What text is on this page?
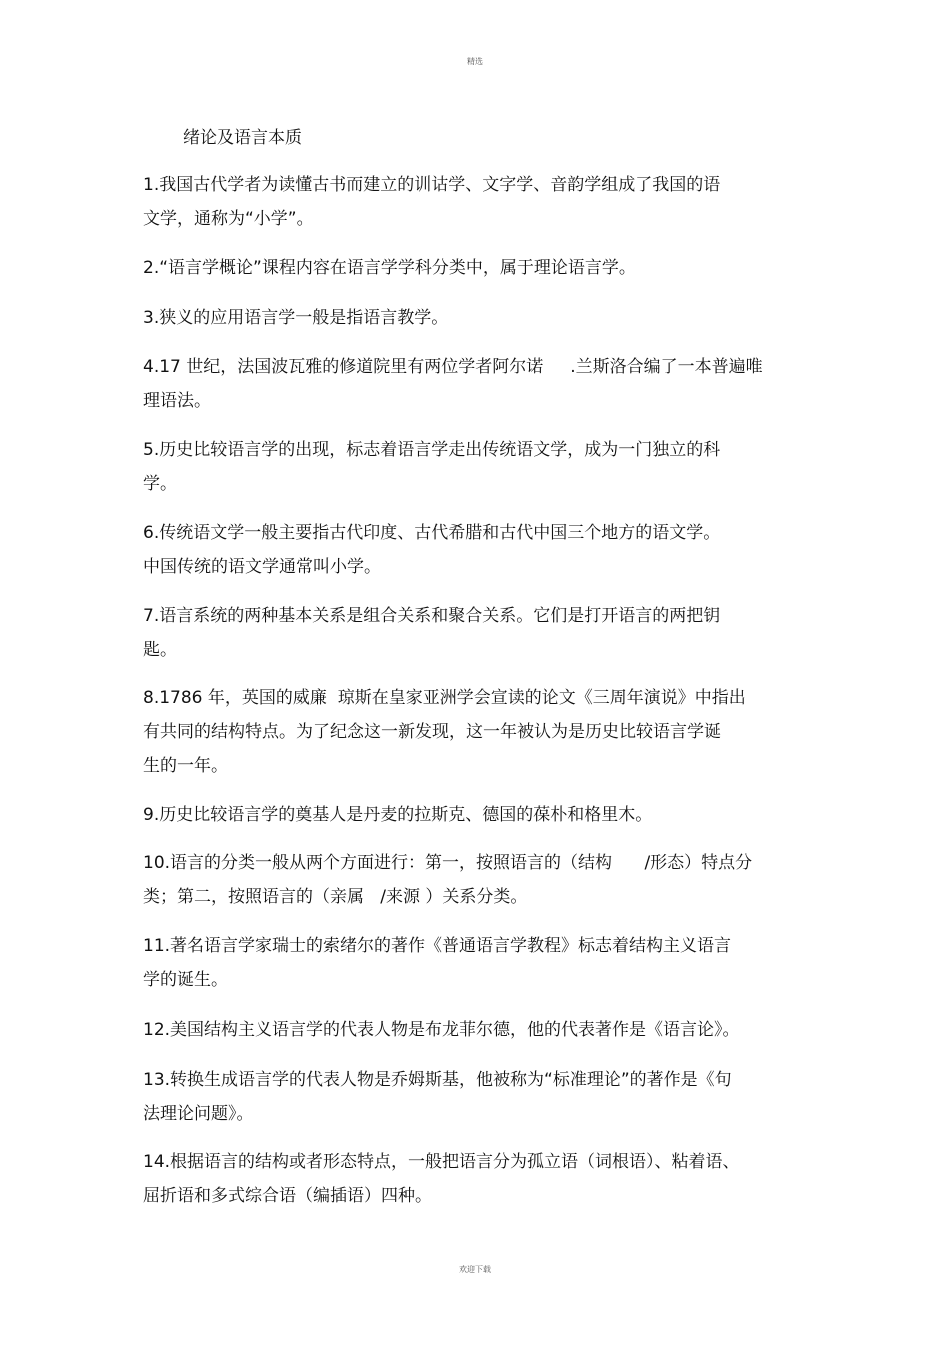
精选
绪论及语言本质
1.我国古代学者为读懂古书而建立的训诂学、文字学、音韵学组成了我国的语
文学，通称为“小学”。
2.“语言学概论”课程内容在语言学学科分类中，属于理论语言学。
3.狭义的应用语言学一般是指语言教学。
4.17 世纪，法国波瓦雅的修道院里有两位学者阿尔诺     .兰斯洛合编了一本普遍唯
理语法。
5.历史比较语言学的出现，标志着语言学走出传统语文学，成为一门独立的科
学。
6.传统语文学一般主要指古代印度、古代希腊和古代中国三个地方的语文学。
中国传统的语文学通常叫小学。
7.语言系统的两种基本关系是组合关系和聚合关系。它们是打开语言的两把钥
匙。
8.1786 年，英国的威廉  琼斯在皇家亚洲学会宣读的论文《三周年演说》中指出
有共同的结构特点。为了纪念这一新发现，这一年被认为是历史比较语言学诞
生的一年。
9.历史比较语言学的奠基人是丹麦的拉斯克、德国的葆朴和格里木。
10.语言的分类一般从两个方面进行：第一，按照语言的（结构      /形态）特点分
类；第二，按照语言的（亲属   /来源 ）关系分类。
11.著名语言学家瑞士的索绪尔的著作《普通语言学教程》标志着结构主义语言
学的诞生。
12.美国结构主义语言学的代表人物是布龙菲尔德，他的代表著作是《语言论》。
13.转换生成语言学的代表人物是乔姆斯基，他被称为“标准理论”的著作是《句
法理论问题》。
14.根据语言的结构或者形态特点，一般把语言分为孤立语（词根语）、粘着语、
屈折语和多式综合语（编插语）四种。
欢迎下载
